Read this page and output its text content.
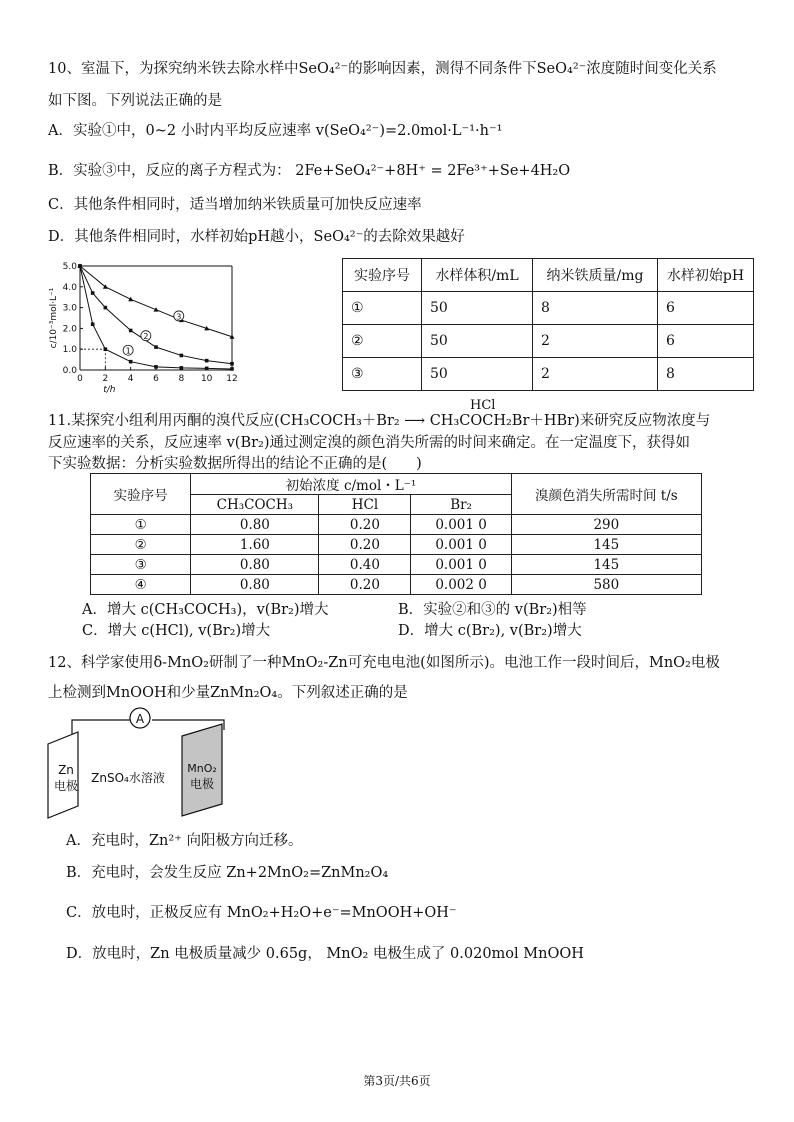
10、室温下，为探究纳米铁去除水样中SeO₄²⁻的影响因素，测得不同条件下SeO₄²⁻浓度随时间变化关系
如下图。下列说法正确的是
A．实验①中，0~2 小时内平均反应速率 v(SeO₄²⁻)=2.0mol·L⁻¹·h⁻¹
B．实验③中，反应的离子方程式为： 2Fe+SeO₄²⁻+8H⁺ = 2Fe³⁺+Se+4H₂O
C．其他条件相同时，适当增加纳米铁质量可加快反应速率
D．其他条件相同时，水样初始pH越小，SeO₄²⁻的去除效果越好
0 2 4 6 8 10 12
0.0
1.0
2.0
3.0
4.0
5.0
t/h
c/10⁻³mol·L⁻¹
1
2
3
实验序号	水样体积/mL	纳米铁质量/mg	水样初始pH
①	50	8	6
②	50	2	6
③	50	2	8
HCl
11.某探究小组利用丙酮的溴代反应(CH₃COCH₃＋Br₂ ⟶ CH₃COCH₂Br＋HBr)来研究反应物浓度与
反应速率的关系，反应速率 v(Br₂)通过测定溴的颜色消失所需的时间来确定。在一定温度下，获得如
下实验数据：分析实验数据所得出的结论不正确的是(　　)
实验序号	初始浓度 c/mol・L⁻¹			溴颜色消失所需时间 t/s
	CH₃COCH₃	HCl	Br₂	
①	0.80	0.20	0.001 0	290
②	1.60	0.20	0.001 0	145
③	0.80	0.40	0.001 0	145
④	0.80	0.20	0.002 0	580
A．增大 c(CH₃COCH₃)，v(Br₂)增大	B．实验②和③的 v(Br₂)相等
C．增大 c(HCl), v(Br₂)增大	D．增大 c(Br₂), v(Br₂)增大
12、科学家使用δ-MnO₂研制了一种MnO₂-Zn可充电电池(如图所示)。电池工作一段时间后，MnO₂电极
上检测到MnOOH和少量ZnMn₂O₄。下列叙述正确的是
A
Zn
电极
ZnSO₄水溶液
MnO₂
电极
A．充电时，Zn²⁺ 向阳极方向迁移。
B．充电时，会发生反应 Zn+2MnO₂=ZnMn₂O₄
C．放电时，正极反应有 MnO₂+H₂O+e⁻=MnOOH+OH⁻
D．放电时，Zn 电极质量减少 0.65g， MnO₂ 电极生成了 0.020mol MnOOH
第3页/共6页
